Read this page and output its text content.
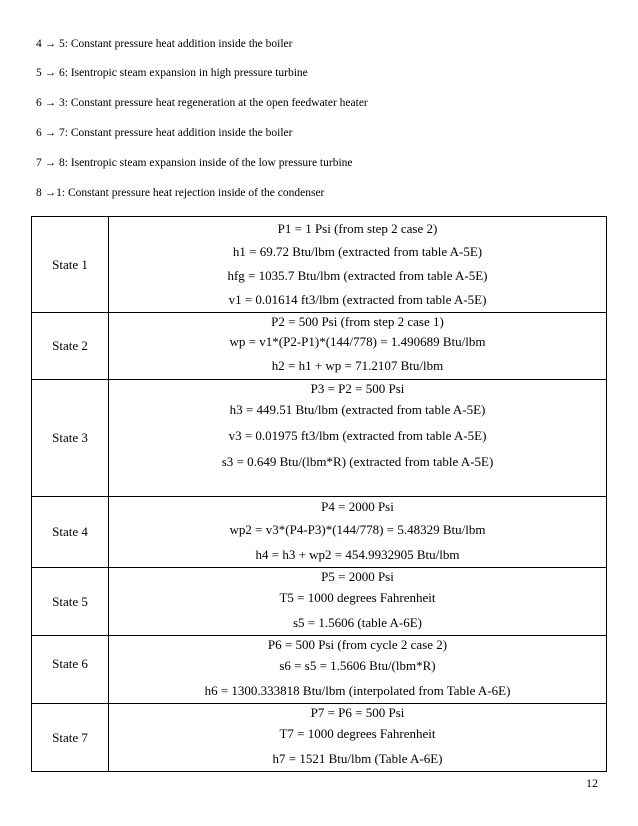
4 → 5: Constant pressure heat addition inside the boiler
5 → 6: Isentropic steam expansion in high pressure turbine
6 → 3: Constant pressure heat regeneration at the open feedwater heater
6 → 7: Constant pressure heat addition inside the boiler
7 → 8: Isentropic steam expansion inside of the low pressure turbine
8 →1: Constant pressure heat rejection inside of the condenser
State 1	P1 = 1 Psi (from step 2 case 2)
h1 = 69.72 Btu/lbm (extracted from table A-5E)
hfg = 1035.7 Btu/lbm (extracted from table A-5E)
v1 = 0.01614 ft3/lbm (extracted from table A-5E)

State 2	P2 = 500 Psi (from step 2 case 1)
wp = v1*(P2-P1)*(144/778) = 1.490689 Btu/lbm
h2 = h1 + wp = 71.2107 Btu/lbm

State 3	P3 = P2 = 500 Psi
h3 = 449.51 Btu/lbm (extracted from table A-5E)
v3 = 0.01975 ft3/lbm (extracted from table A-5E)
s3 = 0.649 Btu/(lbm*R) (extracted from table A-5E)

State 4	P4 = 2000 Psi
wp2 = v3*(P4-P3)*(144/778) = 5.48329 Btu/lbm
h4 = h3 + wp2 = 454.9932905 Btu/lbm

State 5	P5 = 2000 Psi
T5 = 1000 degrees Fahrenheit
s5 = 1.5606 (table A-6E)

State 6	P6 = 500 Psi (from cycle 2 case 2)
s6 = s5 = 1.5606 Btu/(lbm*R)
h6 = 1300.333818 Btu/lbm (interpolated from Table A-6E)

State 7	P7 = P6 = 500 Psi
T7 = 1000 degrees Fahrenheit
h7 = 1521 Btu/lbm (Table A-6E)
12
